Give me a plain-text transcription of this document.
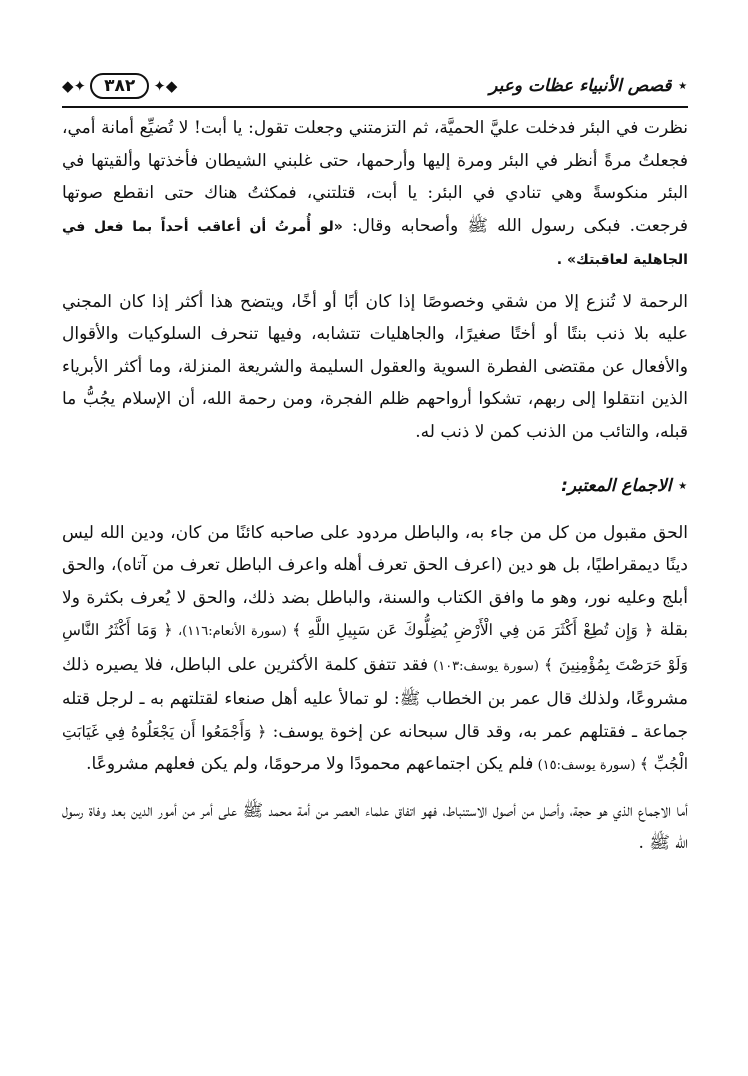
◆✦	٣٨٢	✦◆	⋆ قصص الأنبياء عظات وعبر

نظرت في البئر فدخلت عليَّ الحميَّة، ثم التزمتني وجعلت تقول: يا أبت! لا تُضيِّع أمانة أمي، فجعلتُ مرةً أنظر في البئر ومرة إليها وأرحمها، حتى غلبني الشيطان فأخذتها وألقيتها في البئر منكوسةً وهي تنادي في البئر: يا أبت، قتلتني، فمكثتُ هناك حتى انقطع صوتها فرجعت. فبكى رسول الله ﷺ وأصحابه وقال: «لو أُمرتُ أن أعاقب أحداً بما فعل في الجاهلية لعاقبتك» .

الرحمة لا تُنزع إلا من شقي وخصوصًا إذا كان أبًا أو أخًا، ويتضح هذا أكثر إذا كان المجني عليه بلا ذنب بنتًا أو أختًا صغيرًا، والجاهليات تتشابه، وفيها تنحرف السلوكيات والأقوال والأفعال عن مقتضى الفطرة السوية والعقول السليمة والشريعة المنزلة، وما أكثر الأبرياء الذين انتقلوا إلى ربهم، تشكوا أرواحهم ظلم الفجرة، ومن رحمة الله، أن الإسلام يجُبُّ ما قبله، والتائب من الذنب كمن لا ذنب له.

⋆ الاجماع المعتبر:

الحق مقبول من كل من جاء به، والباطل مردود على صاحبه كائنًا من كان، ودين الله ليس دينًا ديمقراطيًا، بل هو دين (اعرف الحق تعرف أهله واعرف الباطل تعرف من آتاه)، والحق أبلج وعليه نور، وهو ما وافق الكتاب والسنة، والباطل بضد ذلك، والحق لا يُعرف بكثرة ولا بقلة ﴿ وَإِن تُطِعْ أَكْثَرَ مَن فِي الْأَرْضِ يُضِلُّوكَ عَن سَبِيلِ اللَّهِ ﴾ (سورة الأنعام:١١٦)، ﴿ وَمَا أَكْثَرُ النَّاسِ وَلَوْ حَرَصْتَ بِمُؤْمِنِينَ ﴾ (سورة يوسف:١٠٣) فقد تتفق كلمة الأكثرين على الباطل، فلا يصيره ذلك مشروعًا، ولذلك قال عمر بن الخطاب ﷺ: لو تمالأ عليه أهل صنعاء لقتلتهم به ـ لرجل قتله جماعة ـ فقتلهم عمر به، وقد قال سبحانه عن إخوة يوسف: ﴿ وَأَجْمَعُوا أَن يَجْعَلُوهُ فِي غَيَابَتِ الْجُبِّ ﴾ (سورة يوسف:١٥) فلم يكن اجتماعهم محمودًا ولا مرحومًا، ولم يكن فعلهم مشروعًا.

أما الاجماع الذي هو حجة، وأصل من أصول الاستنباط، فهو اتفاق علماء العصر من أمة محمد ﷺ على أمر من أمور الدين بعد وفاة رسول الله ﷺ .
